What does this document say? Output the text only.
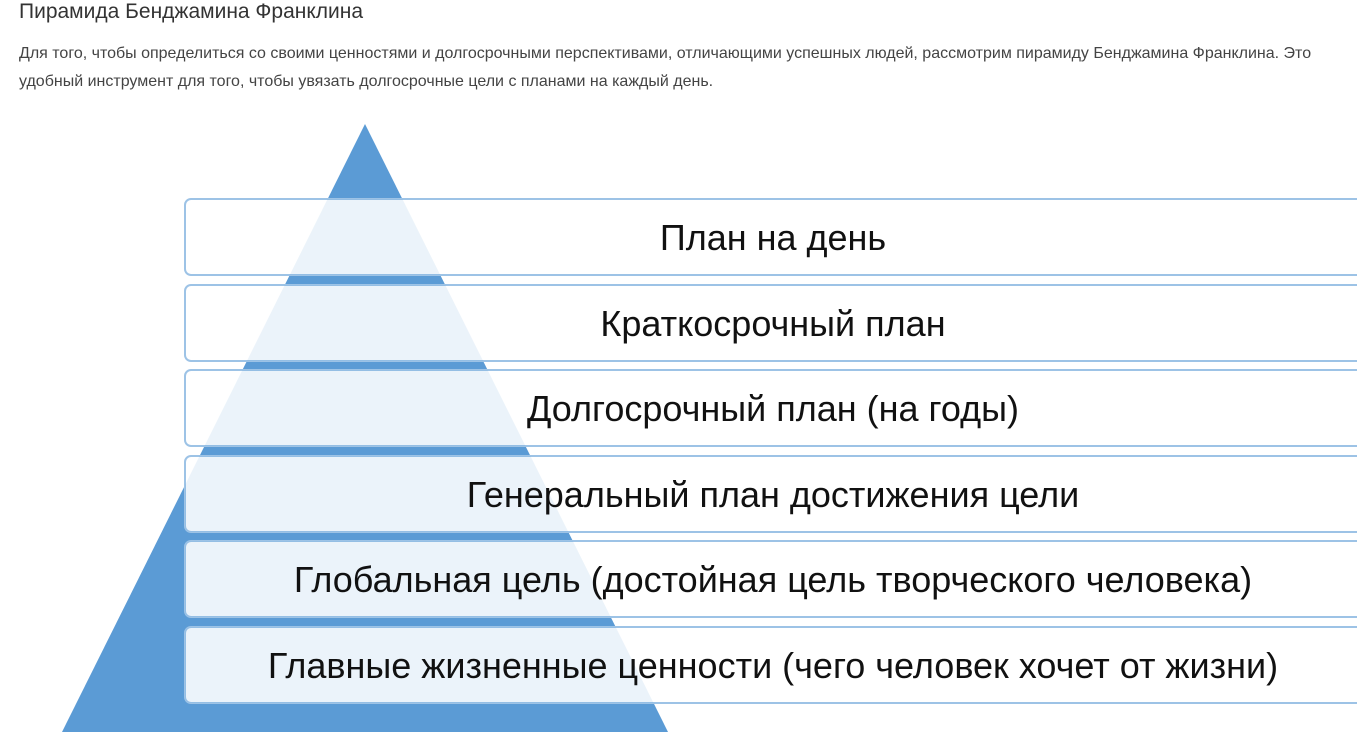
Пирамида Бенджамина Франклина

Для того, чтобы определиться со своими ценностями и долгосрочными перспективами, отличающими успешных людей, рассмотрим пирамиду Бенджамина Франклина. Это удобный инструмент для того, чтобы увязать долгосрочные цели с планами на каждый день.

План на день
Краткосрочный план
Долгосрочный план (на годы)
Генеральный план достижения цели
Глобальная цель (достойная цель творческого человека)
Главные жизненные ценности (чего человек хочет от жизни)
